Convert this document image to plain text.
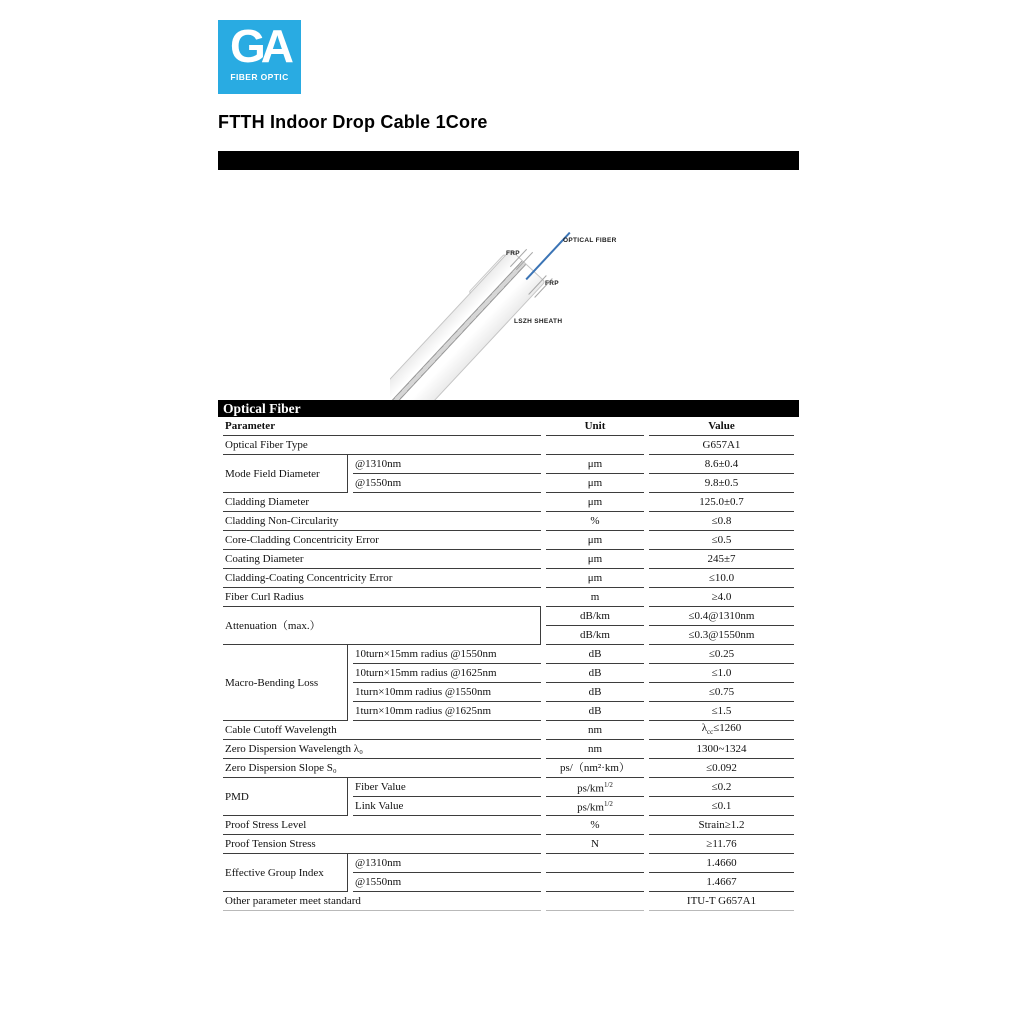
GA
FIBER OPTIC
FTTH Indoor Drop Cable 1Core
OPTICAL FIBER
FRP
FRP
LSZH SHEATH
Optical Fiber
Parameter		Unit	Value
Optical Fiber Type			G657A1
Mode Field Diameter	@1310nm	μm	8.6±0.4
	@1550nm	μm	9.8±0.5
Cladding Diameter		μm	125.0±0.7
Cladding Non-Circularity		%	≤0.8
Core-Cladding Concentricity Error		μm	≤0.5
Coating Diameter		μm	245±7
Cladding-Coating Concentricity Error		μm	≤10.0
Fiber Curl Radius		m	≥4.0
Attenuation（max.）		dB/km	≤0.4@1310nm
		dB/km	≤0.3@1550nm
Macro-Bending Loss	10turn×15mm radius @1550nm	dB	≤0.25
	10turn×15mm radius @1625nm	dB	≤1.0
	1turn×10mm radius @1550nm	dB	≤0.75
	1turn×10mm radius @1625nm	dB	≤1.5
Cable Cutoff Wavelength		nm	$\lambda_{cc}\le 1260$
Zero Dispersion Wavelength λ₀		nm	1300~1324
Zero Dispersion Slope S₀		ps/（nm²·km）	≤0.092
PMD	Fiber Value	$ps/km^{1/2}$	≤0.2
	Link Value	$ps/km^{1/2}$	≤0.1
Proof Stress Level		%	Strain≥1.2
Proof Tension Stress		N	≥11.76
Effective Group Index	@1310nm		1.4660
	@1550nm		1.4667
Other parameter meet standard			ITU-T G657A1
